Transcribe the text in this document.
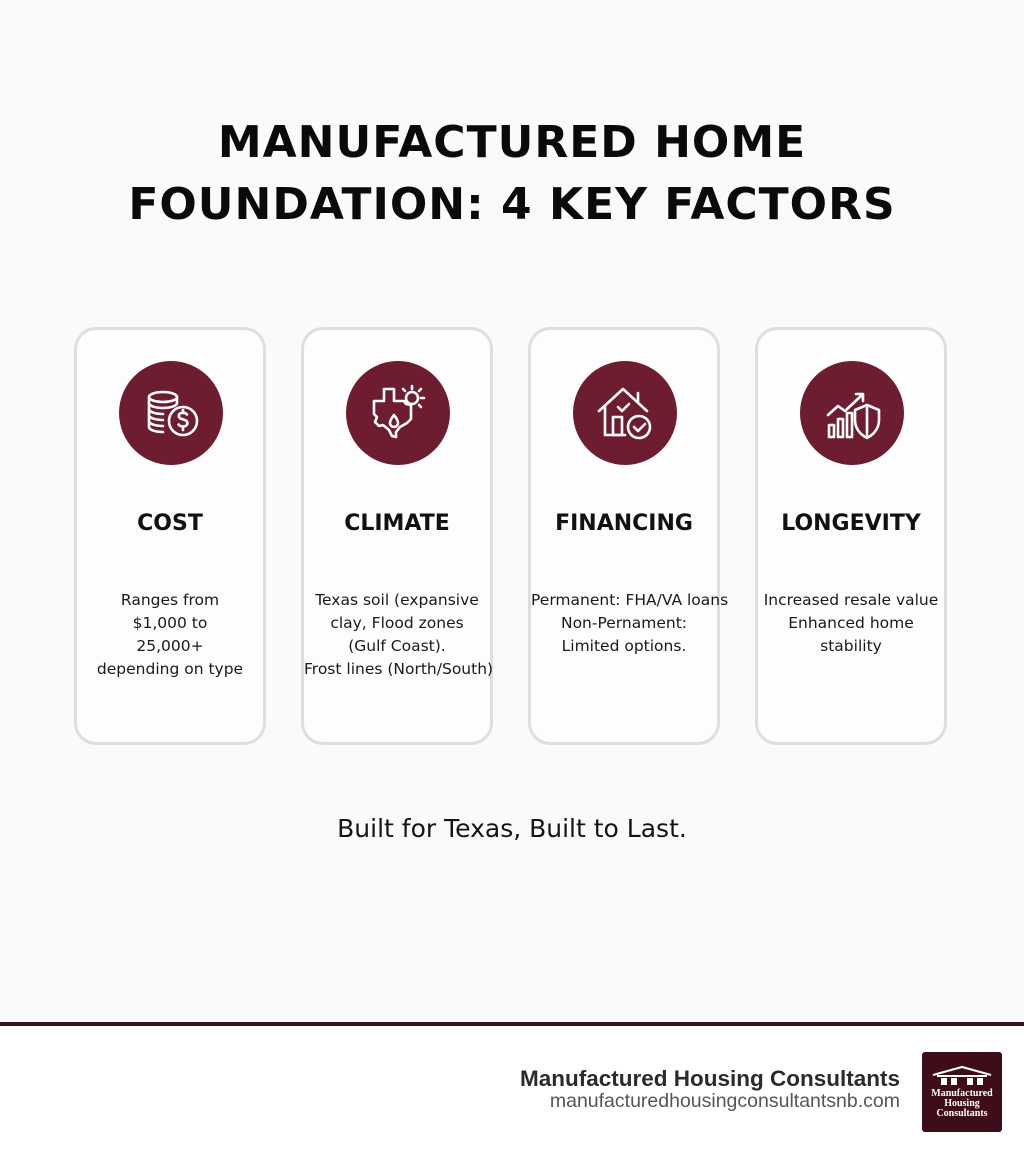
MANUFACTURED HOME
FOUNDATION: 4 KEY FACTORS
COST
Ranges from
$1,000 to
25,000+
depending on type
CLIMATE
Texas soil (expansive
clay, Flood zones
(Gulf Coast).
Frost lines (North/South)
FINANCING
Permanent: FHA/VA loans
Non-Pernament:
Limited options.
LONGEVITY
Increased resale value
Enhanced home
stability
Built for Texas, Built to Last.
Manufactured Housing Consultants
manufacturedhousingconsultantsnb.com	Manufactured
Housing
Consultants
